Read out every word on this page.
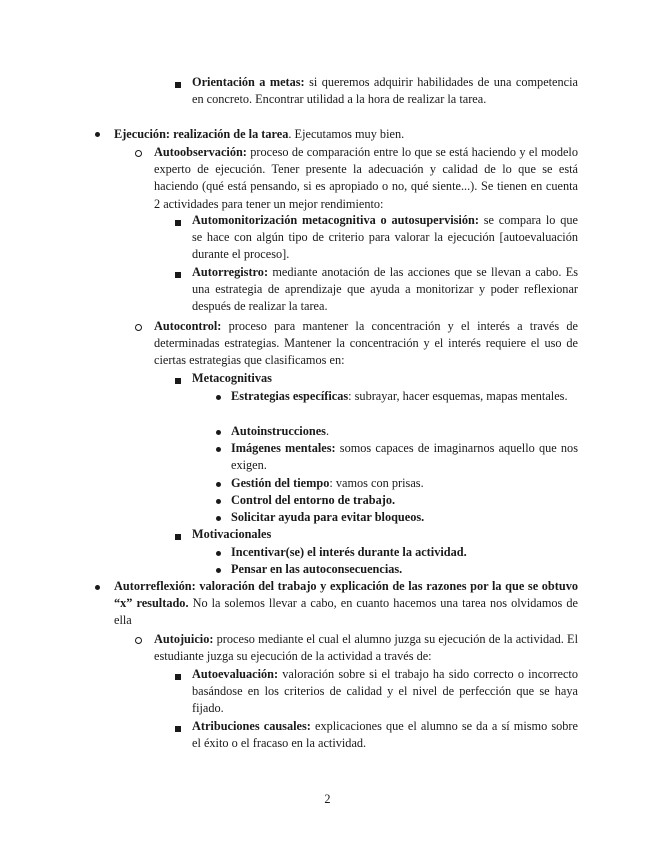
Orientación a metas: si queremos adquirir habilidades de una competencia en concreto. Encontrar utilidad a la hora de realizar la tarea.
Ejecución: realización de la tarea. Ejecutamos muy bien.
Autoobservación: proceso de comparación entre lo que se está haciendo y el modelo experto de ejecución. Tener presente la adecuación y calidad de lo que se está haciendo (qué está pensando, si es apropiado o no, qué siente...). Se tienen en cuenta 2 actividades para tener un mejor rendimiento:
Automonitorización metacognitiva o autosupervisión: se compara lo que se hace con algún tipo de criterio para valorar la ejecución [autoevaluación durante el proceso].
Autorregistro: mediante anotación de las acciones que se llevan a cabo. Es una estrategia de aprendizaje que ayuda a monitorizar y poder reflexionar después de realizar la tarea.
Autocontrol: proceso para mantener la concentración y el interés a través de determinadas estrategias. Mantener la concentración y el interés requiere el uso de ciertas estrategias que clasificamos en:
Metacognitivas
Estrategias específicas: subrayar, hacer esquemas, mapas mentales.
Autoinstrucciones.
Imágenes mentales: somos capaces de imaginarnos aquello que nos exigen.
Gestión del tiempo: vamos con prisas.
Control del entorno de trabajo.
Solicitar ayuda para evitar bloqueos.
Motivacionales
Incentivar(se) el interés durante la actividad.
Pensar en las autoconsecuencias.
Autorreflexión: valoración del trabajo y explicación de las razones por la que se obtuvo “x” resultado. No la solemos llevar a cabo, en cuanto hacemos una tarea nos olvidamos de ella
Autojuicio: proceso mediante el cual el alumno juzga su ejecución de la actividad. El estudiante juzga su ejecución de la actividad a través de:
Autoevaluación: valoración sobre si el trabajo ha sido correcto o incorrecto basándose en los criterios de calidad y el nivel de perfección que se haya fijado.
Atribuciones causales: explicaciones que el alumno se da a sí mismo sobre el éxito o el fracaso en la actividad.
2
